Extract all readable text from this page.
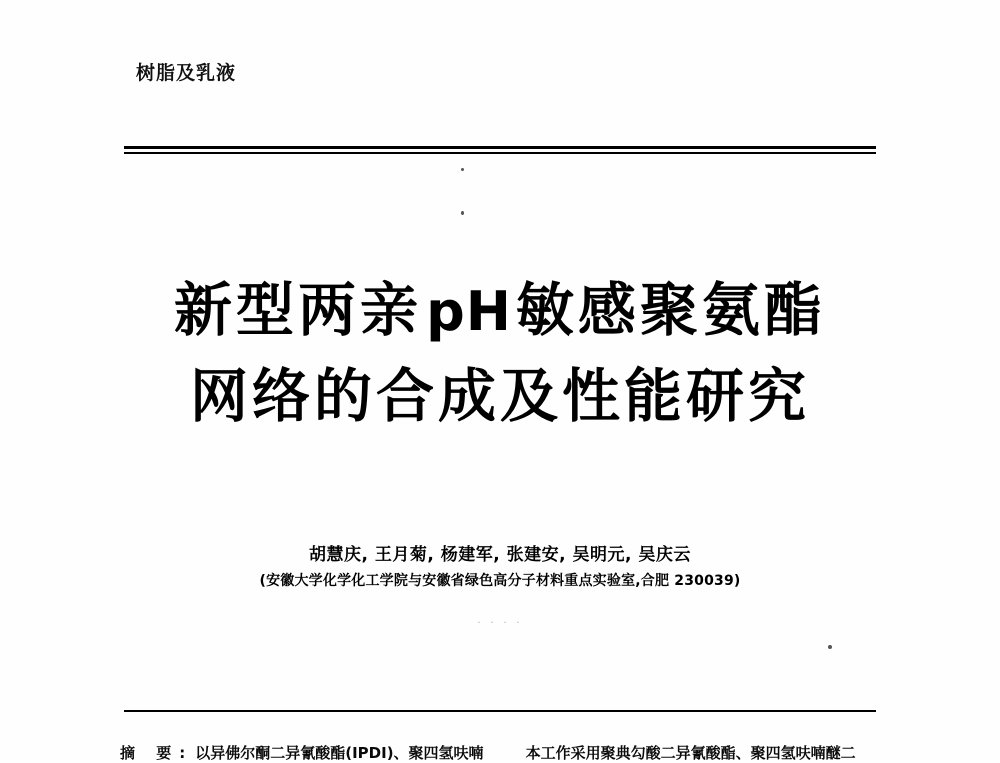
树脂及乳液
新型两亲pH敏感聚氨酯
网络的合成及性能研究
胡慧庆, 王月菊, 杨建军, 张建安, 吴明元, 吴庆云
(安徽大学化学化工学院与安徽省绿色高分子材料重点实验室,合肥 230039)
· · · ·
摘 要: 以异佛尔酮二异氰酸酯(IPDI)、聚四氢呋喃	本工作采用聚典勾酸二异氰酸酯、聚四氢呋喃醚二
